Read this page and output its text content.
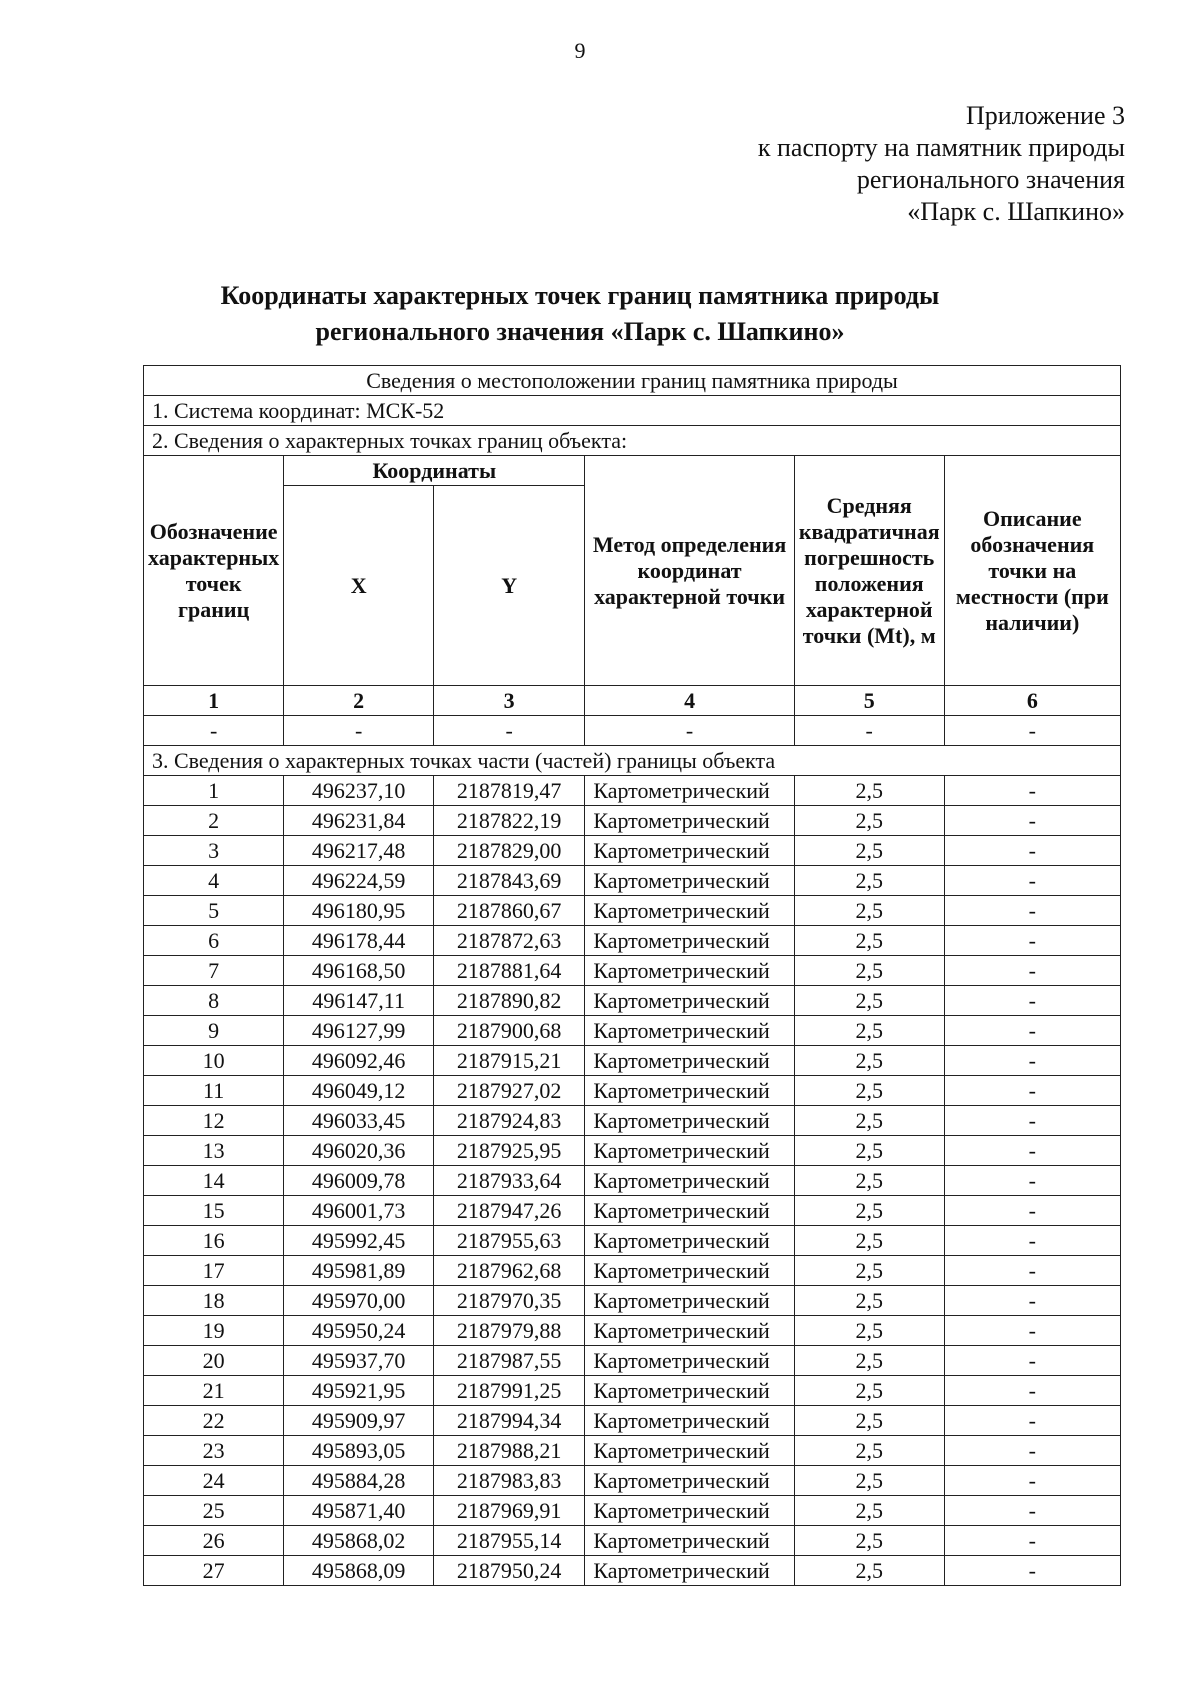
9
Приложение 3
к паспорту на памятник природы
регионального значения
«Парк с. Шапкино»
Координаты характерных точек границ памятника природы
регионального значения «Парк с. Шапкино»
Сведения о местоположении границ памятника природы					
1. Система координат: МСК-52					
2. Сведения о характерных точках границ объекта:					
Обозначение характерных точек границ	Координаты		Метод определения координат характерной точки	Средняя квадратичная погрешность положения характерной точки (Mt), м	Описание обозначения точки на местности (при наличии)
	X	Y			
1	2	3	4	5	6
-	-	-	-	-	-
3. Сведения о характерных точках части (частей) границы объекта					
1	496237,10	2187819,47	Картометрический	2,5	-
2	496231,84	2187822,19	Картометрический	2,5	-
3	496217,48	2187829,00	Картометрический	2,5	-
4	496224,59	2187843,69	Картометрический	2,5	-
5	496180,95	2187860,67	Картометрический	2,5	-
6	496178,44	2187872,63	Картометрический	2,5	-
7	496168,50	2187881,64	Картометрический	2,5	-
8	496147,11	2187890,82	Картометрический	2,5	-
9	496127,99	2187900,68	Картометрический	2,5	-
10	496092,46	2187915,21	Картометрический	2,5	-
11	496049,12	2187927,02	Картометрический	2,5	-
12	496033,45	2187924,83	Картометрический	2,5	-
13	496020,36	2187925,95	Картометрический	2,5	-
14	496009,78	2187933,64	Картометрический	2,5	-
15	496001,73	2187947,26	Картометрический	2,5	-
16	495992,45	2187955,63	Картометрический	2,5	-
17	495981,89	2187962,68	Картометрический	2,5	-
18	495970,00	2187970,35	Картометрический	2,5	-
19	495950,24	2187979,88	Картометрический	2,5	-
20	495937,70	2187987,55	Картометрический	2,5	-
21	495921,95	2187991,25	Картометрический	2,5	-
22	495909,97	2187994,34	Картометрический	2,5	-
23	495893,05	2187988,21	Картометрический	2,5	-
24	495884,28	2187983,83	Картометрический	2,5	-
25	495871,40	2187969,91	Картометрический	2,5	-
26	495868,02	2187955,14	Картометрический	2,5	-
27	495868,09	2187950,24	Картометрический	2,5	-
